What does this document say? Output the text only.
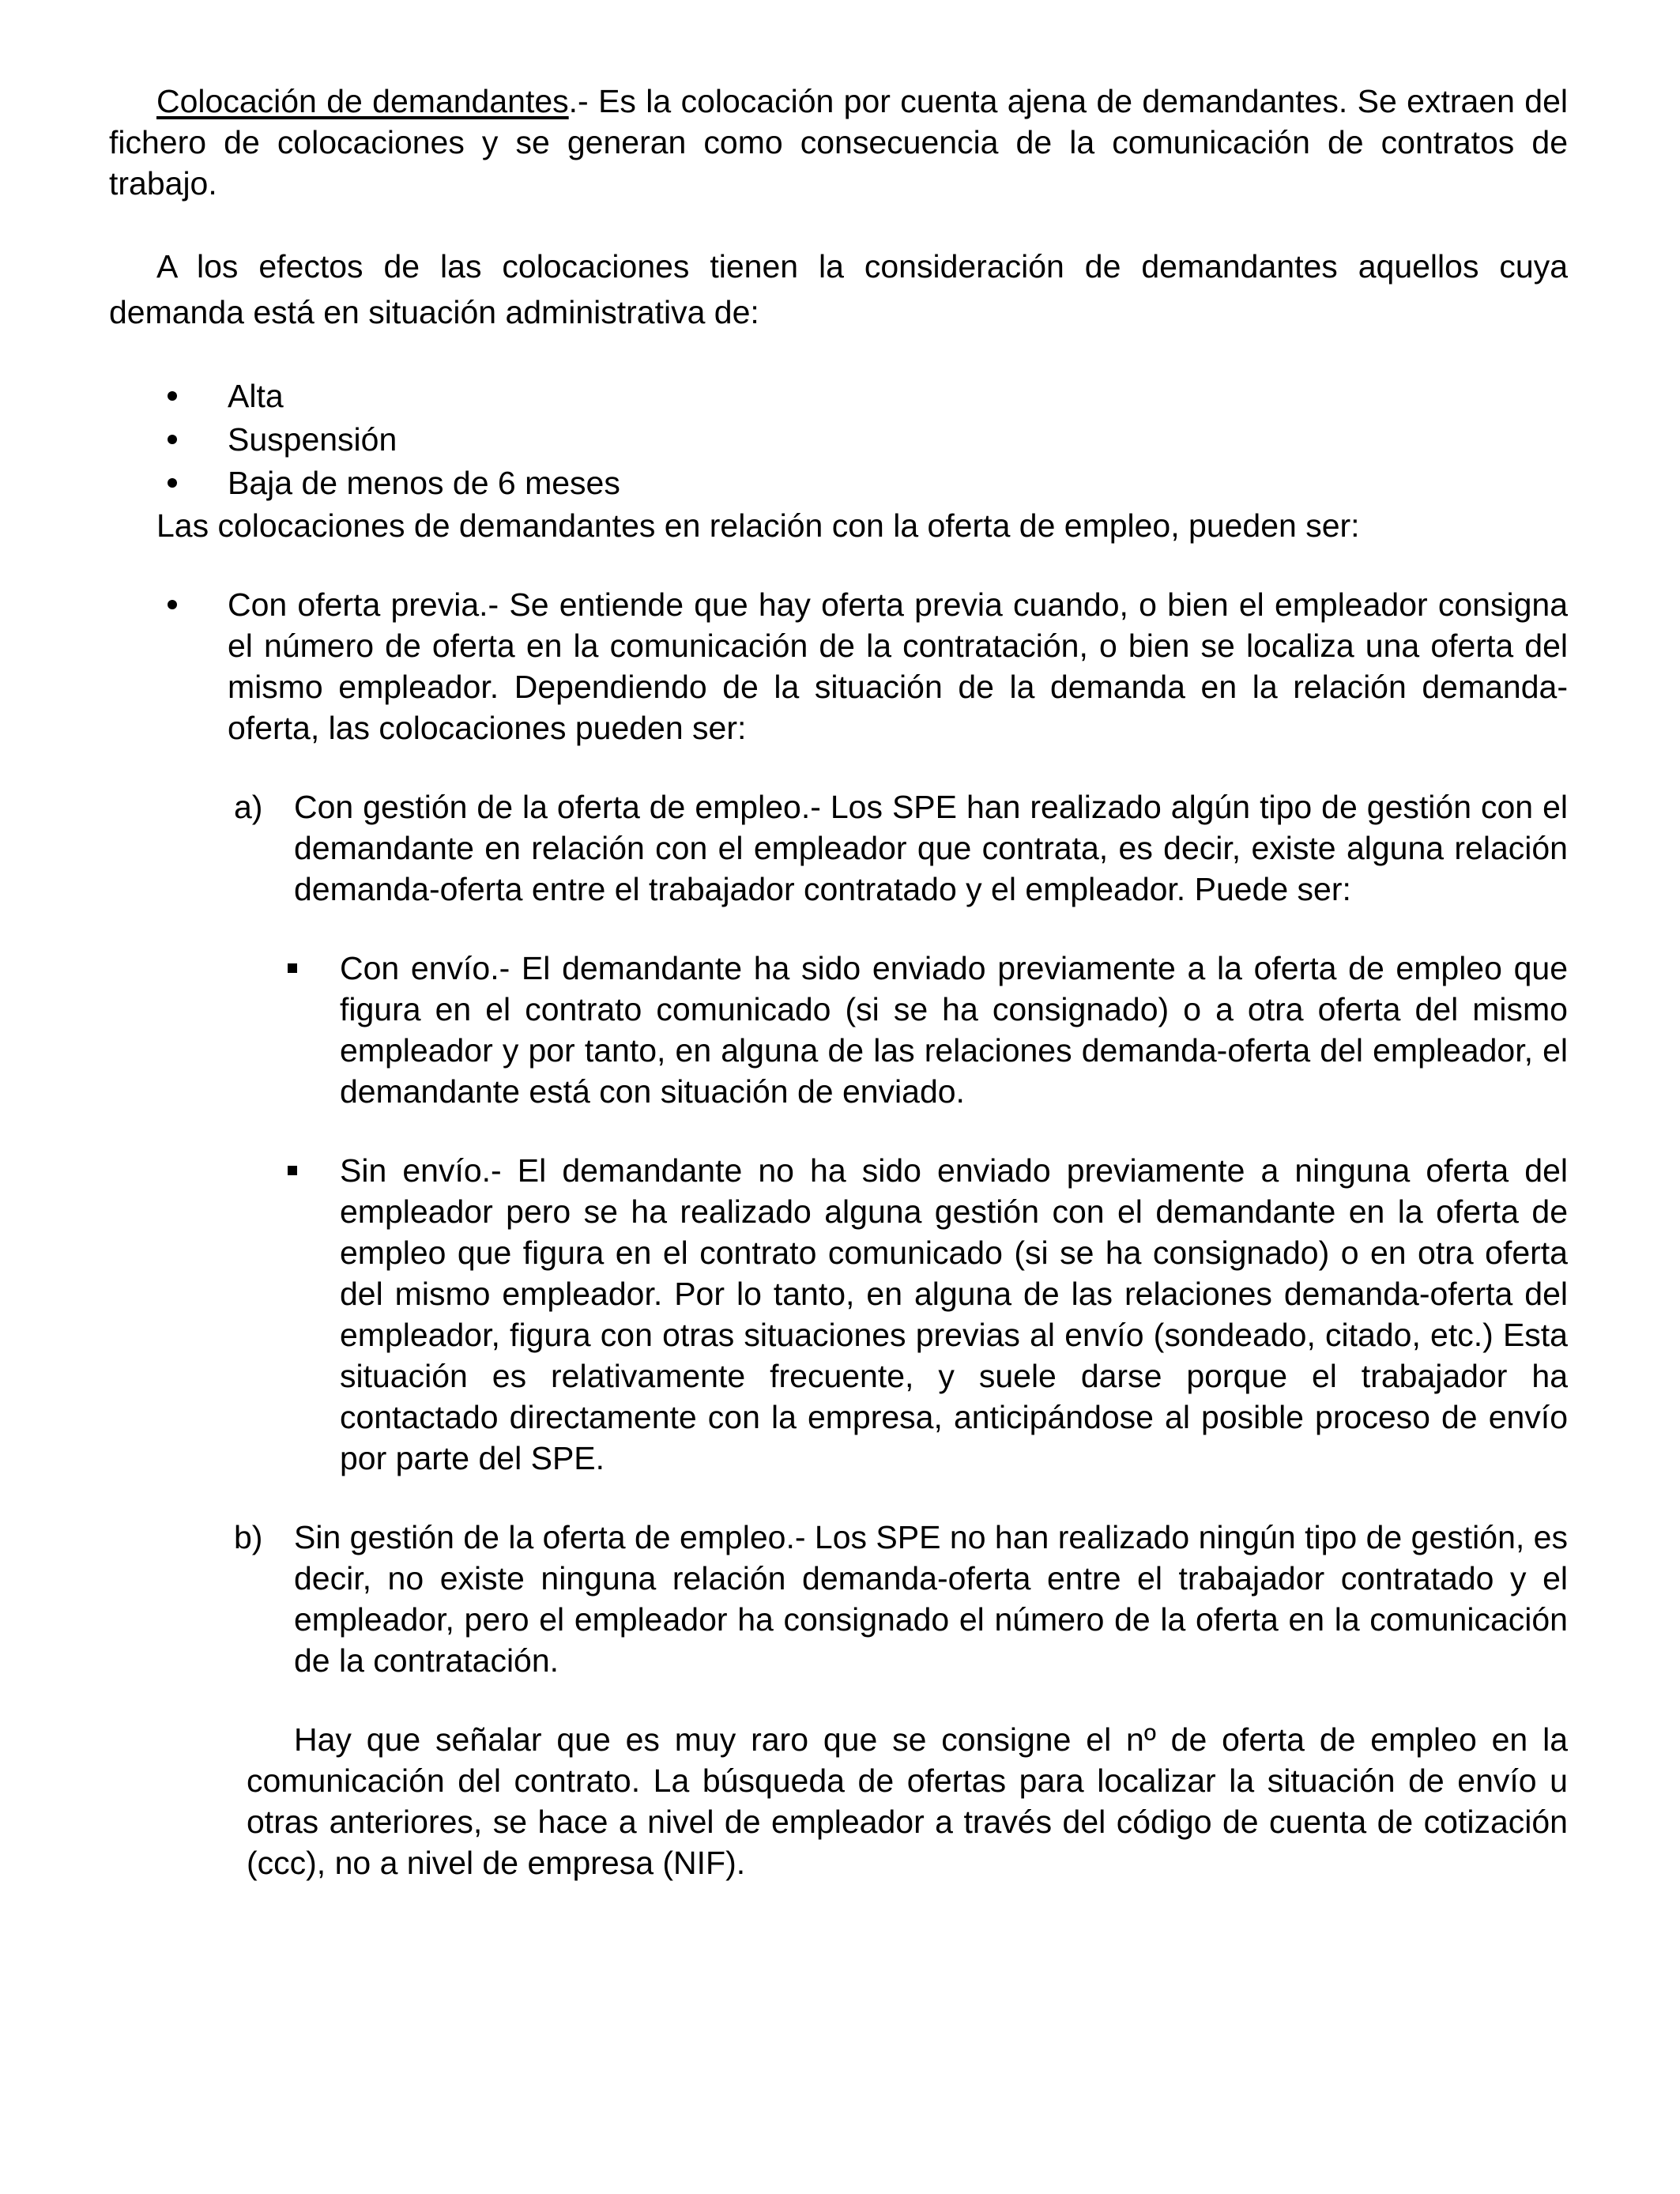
Colocación de demandantes.- Es la colocación por cuenta ajena de demandantes. Se extraen del fichero de colocaciones y se generan como consecuencia de la comunicación de contratos de trabajo.

A los efectos de las colocaciones tienen la consideración de demandantes aquellos cuya demanda está en situación administrativa de:

Alta
Suspensión
Baja de menos de 6 meses

Las colocaciones de demandantes en relación con la oferta de empleo, pueden ser:

Con oferta previa.- Se entiende que hay oferta previa cuando, o bien el empleador consigna el número de oferta en la comunicación de la contratación, o bien se localiza una oferta del mismo empleador. Dependiendo de la situación de la demanda en la relación demanda-oferta, las colocaciones pueden ser:

a) Con gestión de la oferta de empleo.- Los SPE han realizado algún tipo de gestión con el demandante en relación con el empleador que contrata, es decir, existe alguna relación demanda-oferta entre el trabajador contratado y el empleador. Puede ser:

Con envío.- El demandante ha sido enviado previamente a la oferta de empleo que figura en el contrato comunicado (si se ha consignado) o a otra oferta del mismo empleador y por tanto, en alguna de las relaciones demanda-oferta del empleador, el demandante está con situación de enviado.

Sin envío.- El demandante no ha sido enviado previamente a ninguna oferta del empleador pero se ha realizado alguna gestión con el demandante en la oferta de empleo que figura en el contrato comunicado (si se ha consignado) o en otra oferta del mismo empleador. Por lo tanto, en alguna de las relaciones demanda-oferta del empleador, figura con otras situaciones previas al envío (sondeado, citado, etc.) Esta situación es relativamente frecuente, y suele darse porque el trabajador ha contactado directamente con la empresa, anticipándose al posible proceso de envío por parte del SPE.

b) Sin gestión de la oferta de empleo.- Los SPE no han realizado ningún tipo de gestión, es decir, no existe ninguna relación demanda-oferta entre el trabajador contratado y el empleador, pero el empleador ha consignado el número de la oferta en la comunicación de la contratación.

Hay que señalar que es muy raro que se consigne el nº de oferta de empleo en la comunicación del contrato. La búsqueda de ofertas para localizar la situación de envío u otras anteriores, se hace a nivel de empleador a través del código de cuenta de cotización (ccc), no a nivel de empresa (NIF).
